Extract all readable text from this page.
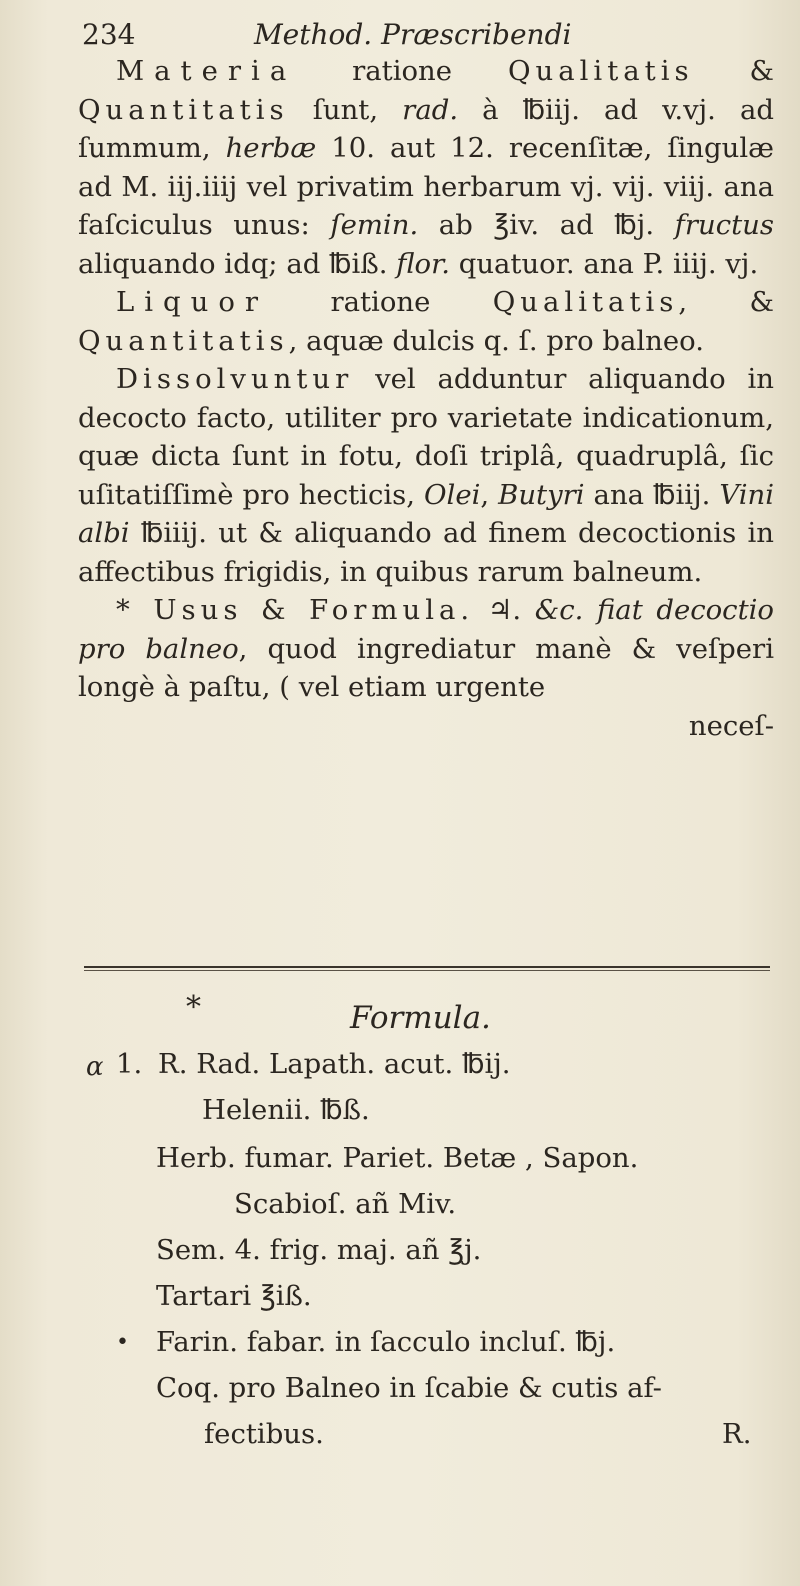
234	Method. Præscribendi

Materia ratione Qualitatis & Quantitatis ſunt, rad. à ℔iij. ad v.vj. ad ſummum, herbæ 10. aut 12. recenſitæ, ſingulæ ad M. iij.iiij vel privatim herbarum vj. vij. viij. ana faſciculus unus: ſemin. ab ℥iv. ad ℔j. fructus aliquando idq; ad ℔iß. flor. quatuor. ana P. iiij. vj.

Liquor ratione Qualitatis, & Quantitatis, aquæ dulcis q. ſ. pro balneo.

Dissolvuntur vel adduntur aliquando in decocto facto, utiliter pro varietate indicationum, quæ dicta ſunt in fotu, doſi triplâ, quadruplâ, ſic uſitatiſſimè pro hecticis, Olei, Butyri ana ℔iij. Vini albi ℔iiij. ut & aliquando ad finem decoctionis in affectibus frigidis, in quibus rarum balneum.

* Usus & Formula. ♃. &c. fiat decoctio pro balneo, quod ingrediatur manè & veſperi longè à paſtu, ( vel etiam urgente
neceſ-

*	Formula.
α 1. R. Rad. Lapath. acut. ℔ij.
Helenii. ℔ß.
Herb. fumar. Pariet. Betæ , Sapon.
Scabioſ. añ Miv.
Sem. 4. frig. maj. añ ℥j.
Tartari ℥iß.
• Farin. fabar. in ſacculo incluſ. ℔j.
Coq. pro Balneo in ſcabie & cutis af-
fectibus.	R.
